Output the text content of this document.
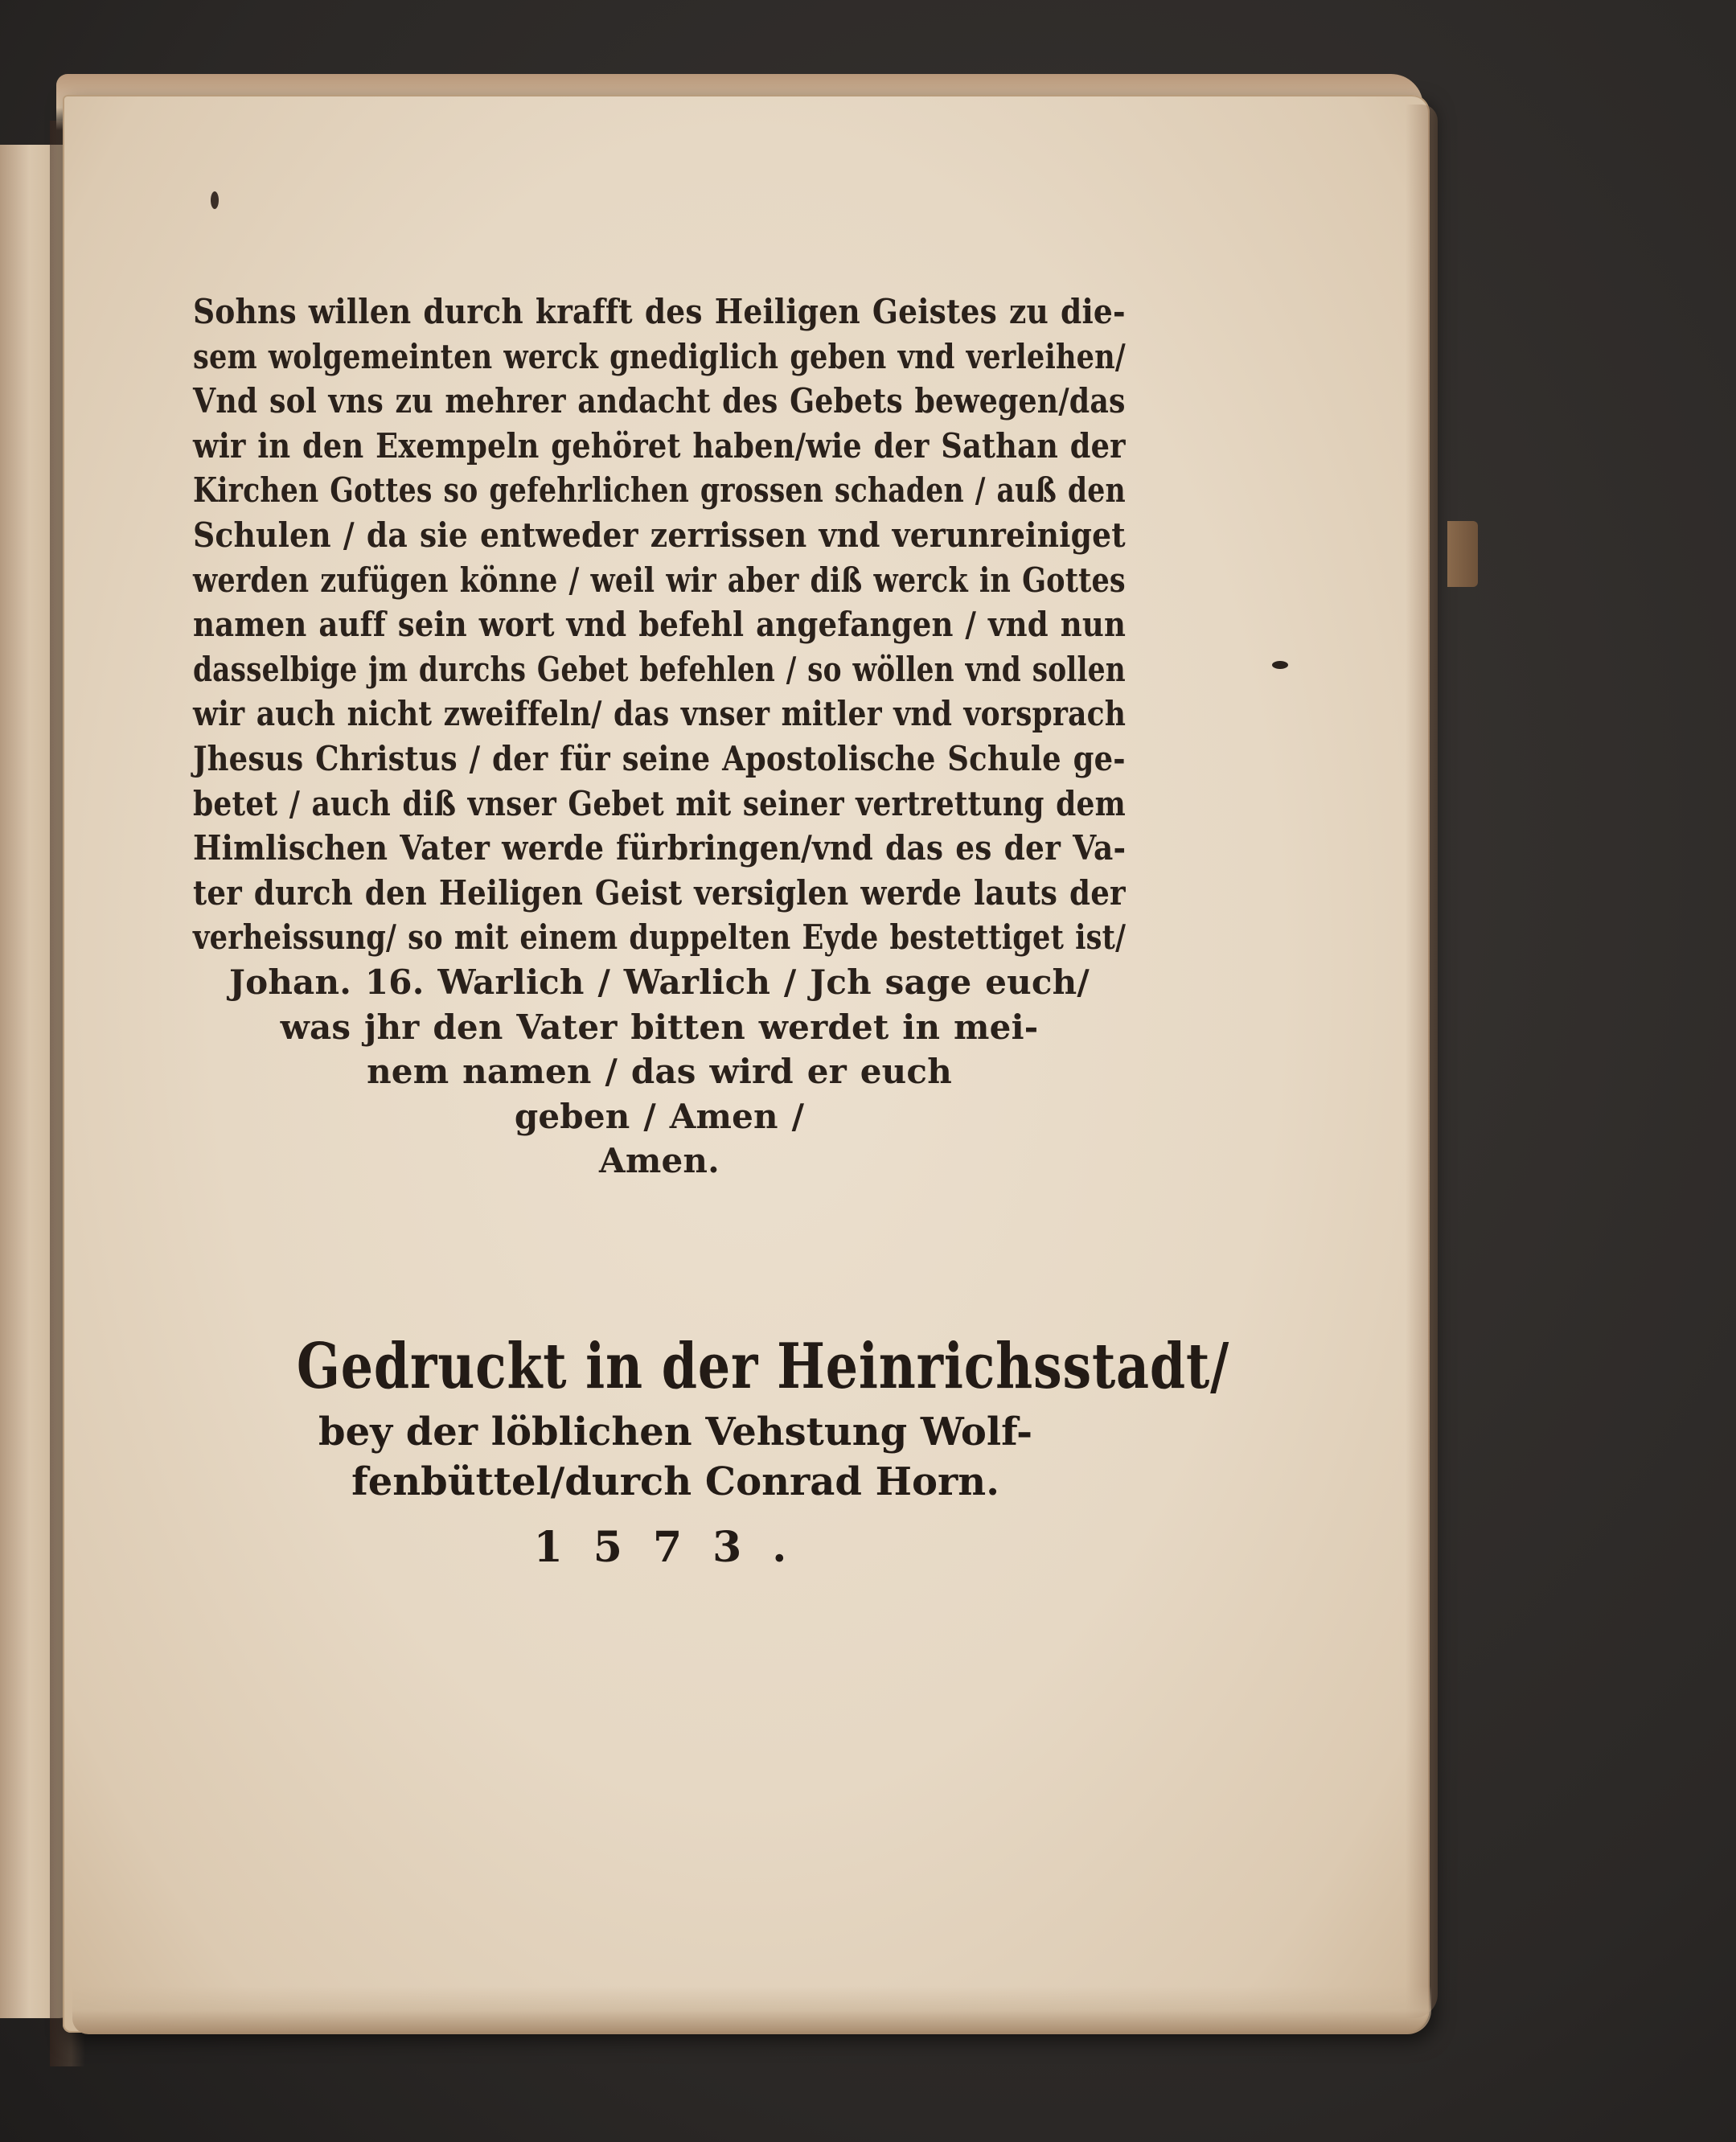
Sohns willen durch krafft des Heiligen Geistes zu die-
sem wolgemeinten werck gnediglich geben vnd verleihen/
Vnd sol vns zu mehrer andacht des Gebets bewegen/das
wir in den Exempeln gehöret haben/wie der Sathan der
Kirchen Gottes so gefehrlichen grossen schaden / auß den
Schulen / da sie entweder zerrissen vnd verunreiniget
werden zufügen könne / weil wir aber diß werck in Gottes
namen auff sein wort vnd befehl angefangen / vnd nun
dasselbige jm durchs Gebet befehlen / so wöllen vnd sollen
wir auch nicht zweiffeln/ das vnser mitler vnd vorsprach
Jhesus Christus / der für seine Apostolische Schule ge-
betet / auch diß vnser Gebet mit seiner vertrettung dem
Himlischen Vater werde fürbringen/vnd das es der Va-
ter durch den Heiligen Geist versiglen werde lauts der
verheissung/ so mit einem duppelten Eyde bestettiget ist/
Johan. 16. Warlich / Warlich / Jch sage euch/
was jhr den Vater bitten werdet in mei-
nem namen / das wird er euch
geben / Amen /
Amen.
Gedruckt in der Heinrichsstadt/
bey der löblichen Vehstung Wolf-
fenbüttel/durch Conrad Horn.
1573.
